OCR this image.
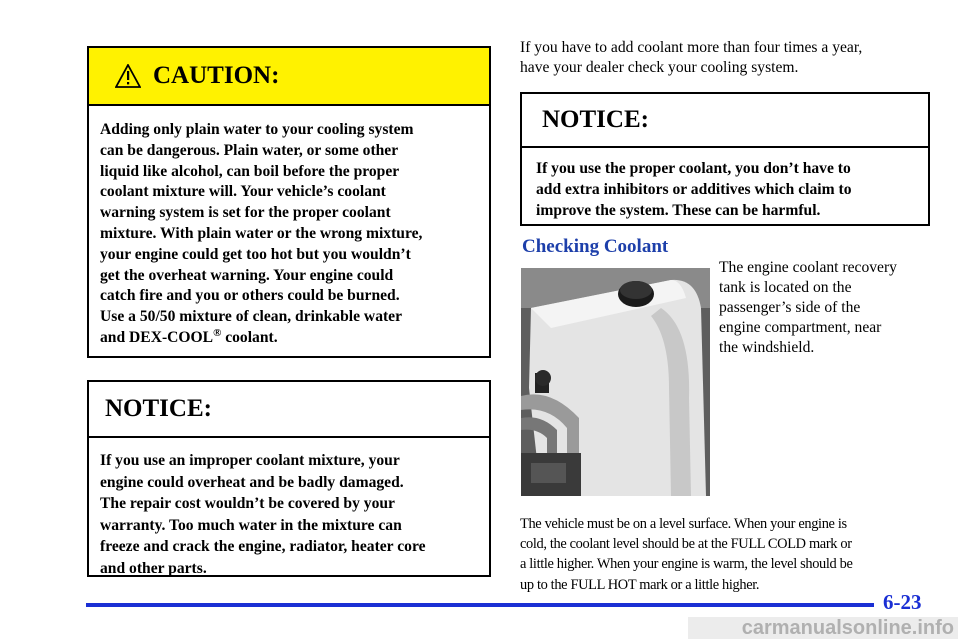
CAUTION:
Adding only plain water to your cooling system
can be dangerous. Plain water, or some other
liquid like alcohol, can boil before the proper
coolant mixture will. Your vehicle’s coolant
warning system is set for the proper coolant
mixture. With plain water or the wrong mixture,
your engine could get too hot but you wouldn’t
get the overheat warning. Your engine could
catch fire and you or others could be burned.
Use a 50/50 mixture of clean, drinkable water
and DEX-COOL® coolant.
NOTICE:
If you use an improper coolant mixture, your
engine could overheat and be badly damaged.
The repair cost wouldn’t be covered by your
warranty. Too much water in the mixture can
freeze and crack the engine, radiator, heater core
and other parts.

If you have to add coolant more than four times a year,
have your dealer check your cooling system.

NOTICE:
If you use the proper coolant, you don’t have to
add extra inhibitors or additives which claim to
improve the system. These can be harmful.
Checking Coolant

The engine coolant recovery
tank is located on the
passenger’s side of the
engine compartment, near
the windshield.

The vehicle must be on a level surface. When your engine is
cold, the coolant level should be at the FULL COLD mark or
a little higher. When your engine is warm, the level should be
up to the FULL HOT mark or a little higher.

6-23
carmanualsonline.info
